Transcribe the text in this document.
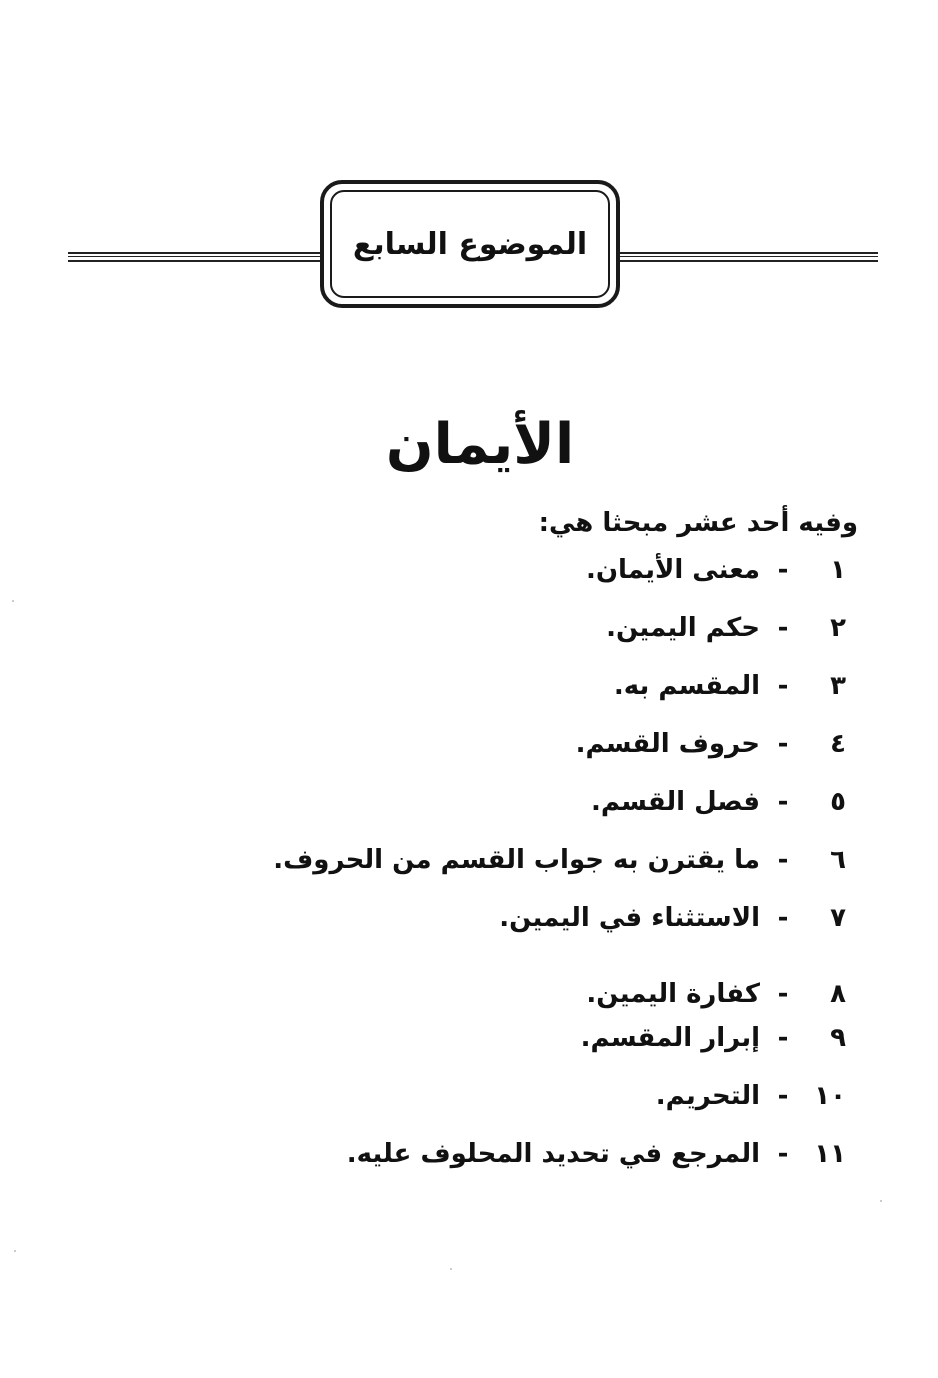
الموضوع السابع
الأيمان
وفيه أحد عشر مبحثا هي:
١-معنى الأيمان.
٢-حكم اليمين.
٣-المقسم به.
٤-حروف القسم.
٥-فصل القسم.
٦-ما يقترن به جواب القسم من الحروف.
٧-الاستثناء في اليمين.
٨-كفارة اليمين.
٩-إبرار المقسم.
١٠-التحريم.
١١-المرجع في تحديد المحلوف عليه.
